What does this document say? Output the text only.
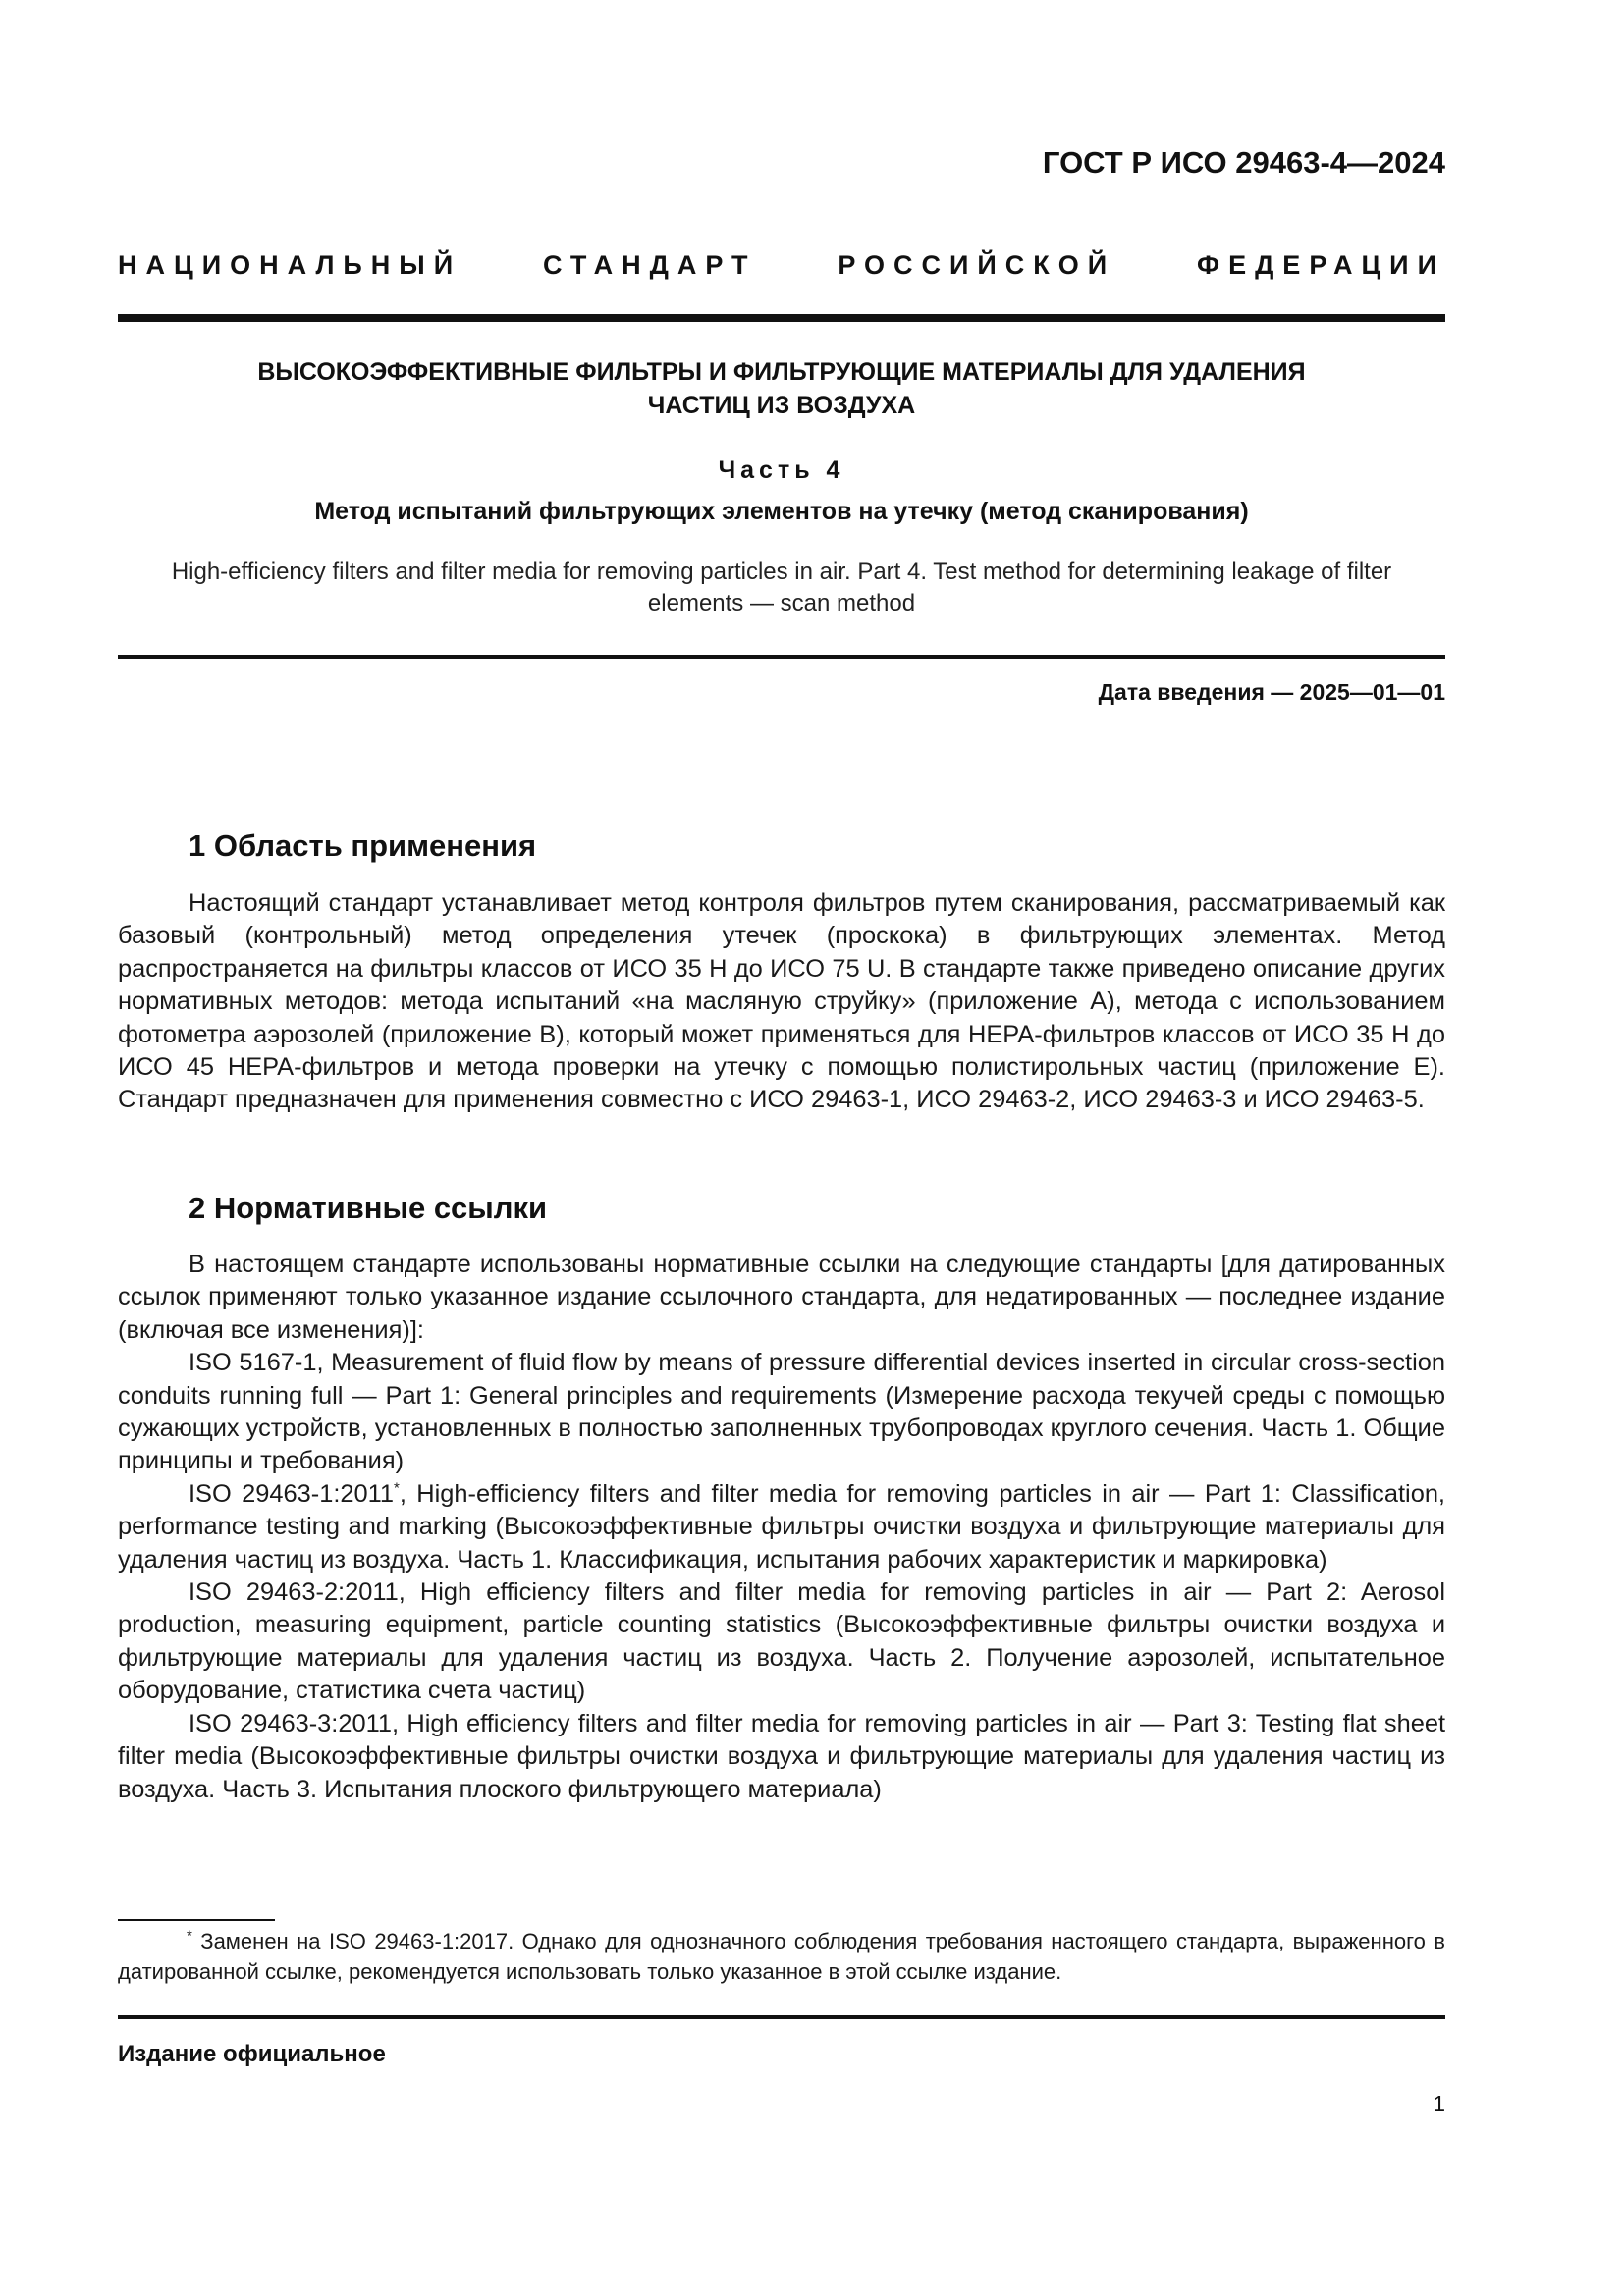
ГОСТ Р ИСО 29463-4—2024
НАЦИОНАЛЬНЫЙ СТАНДАРТ РОССИЙСКОЙ ФЕДЕРАЦИИ
ВЫСОКОЭФФЕКТИВНЫЕ ФИЛЬТРЫ И ФИЛЬТРУЮЩИЕ МАТЕРИАЛЫ ДЛЯ УДАЛЕНИЯ
ЧАСТИЦ ИЗ ВОЗДУХА
Часть 4
Метод испытаний фильтрующих элементов на утечку (метод сканирования)
High-efficiency filters and filter media for removing particles in air. Part 4. Test method for determining leakage of filter
elements — scan method
Дата введения — 2025—01—01
1 Область применения

Настоящий стандарт устанавливает метод контроля фильтров путем сканирования, рассматриваемый как базовый (контрольный) метод определения утечек (проскока) в фильтрующих элементах. Метод распространяется на фильтры классов от ИСО 35 H до ИСО 75 U. В стандарте также приведено описание других нормативных методов: метода испытаний «на масляную струйку» (приложение А), метода с использованием фотометра аэрозолей (приложение В), который может применяться для HEPA-фильтров классов от ИСО 35 H до ИСО 45 HEPA-фильтров и метода проверки на утечку с помощью полистирольных частиц (приложение Е). Стандарт предназначен для применения совместно с ИСО 29463-1, ИСО 29463-2, ИСО 29463-3 и ИСО 29463-5.

2 Нормативные ссылки

В настоящем стандарте использованы нормативные ссылки на следующие стандарты [для датированных ссылок применяют только указанное издание ссылочного стандарта, для недатированных — последнее издание (включая все изменения)]:

ISO 5167-1, Measurement of fluid flow by means of pressure differential devices inserted in circular cross-section conduits running full — Part 1: General principles and requirements (Измерение расхода текучей среды с помощью сужающих устройств, установленных в полностью заполненных трубопроводах круглого сечения. Часть 1. Общие принципы и требования)

ISO 29463-1:2011*, High-efficiency filters and filter media for removing particles in air — Part 1: Classification, performance testing and marking (Высокоэффективные фильтры очистки воздуха и фильтрующие материалы для удаления частиц из воздуха. Часть 1. Классификация, испытания рабочих характеристик и маркировка)

ISO 29463-2:2011, High efficiency filters and filter media for removing particles in air — Part 2: Aerosol production, measuring equipment, particle counting statistics (Высокоэффективные фильтры очистки воздуха и фильтрующие материалы для удаления частиц из воздуха. Часть 2. Получение аэрозолей, испытательное оборудование, статистика счета частиц)

ISO 29463-3:2011, High efficiency filters and filter media for removing particles in air — Part 3: Testing flat sheet filter media (Высокоэффективные фильтры очистки воздуха и фильтрующие материалы для удаления частиц из воздуха. Часть 3. Испытания плоского фильтрующего материала)

* Заменен на ISO 29463-1:2017. Однако для однозначного соблюдения требования настоящего стандарта, выраженного в датированной ссылке, рекомендуется использовать только указанное в этой ссылке издание.

Издание официальное
1
